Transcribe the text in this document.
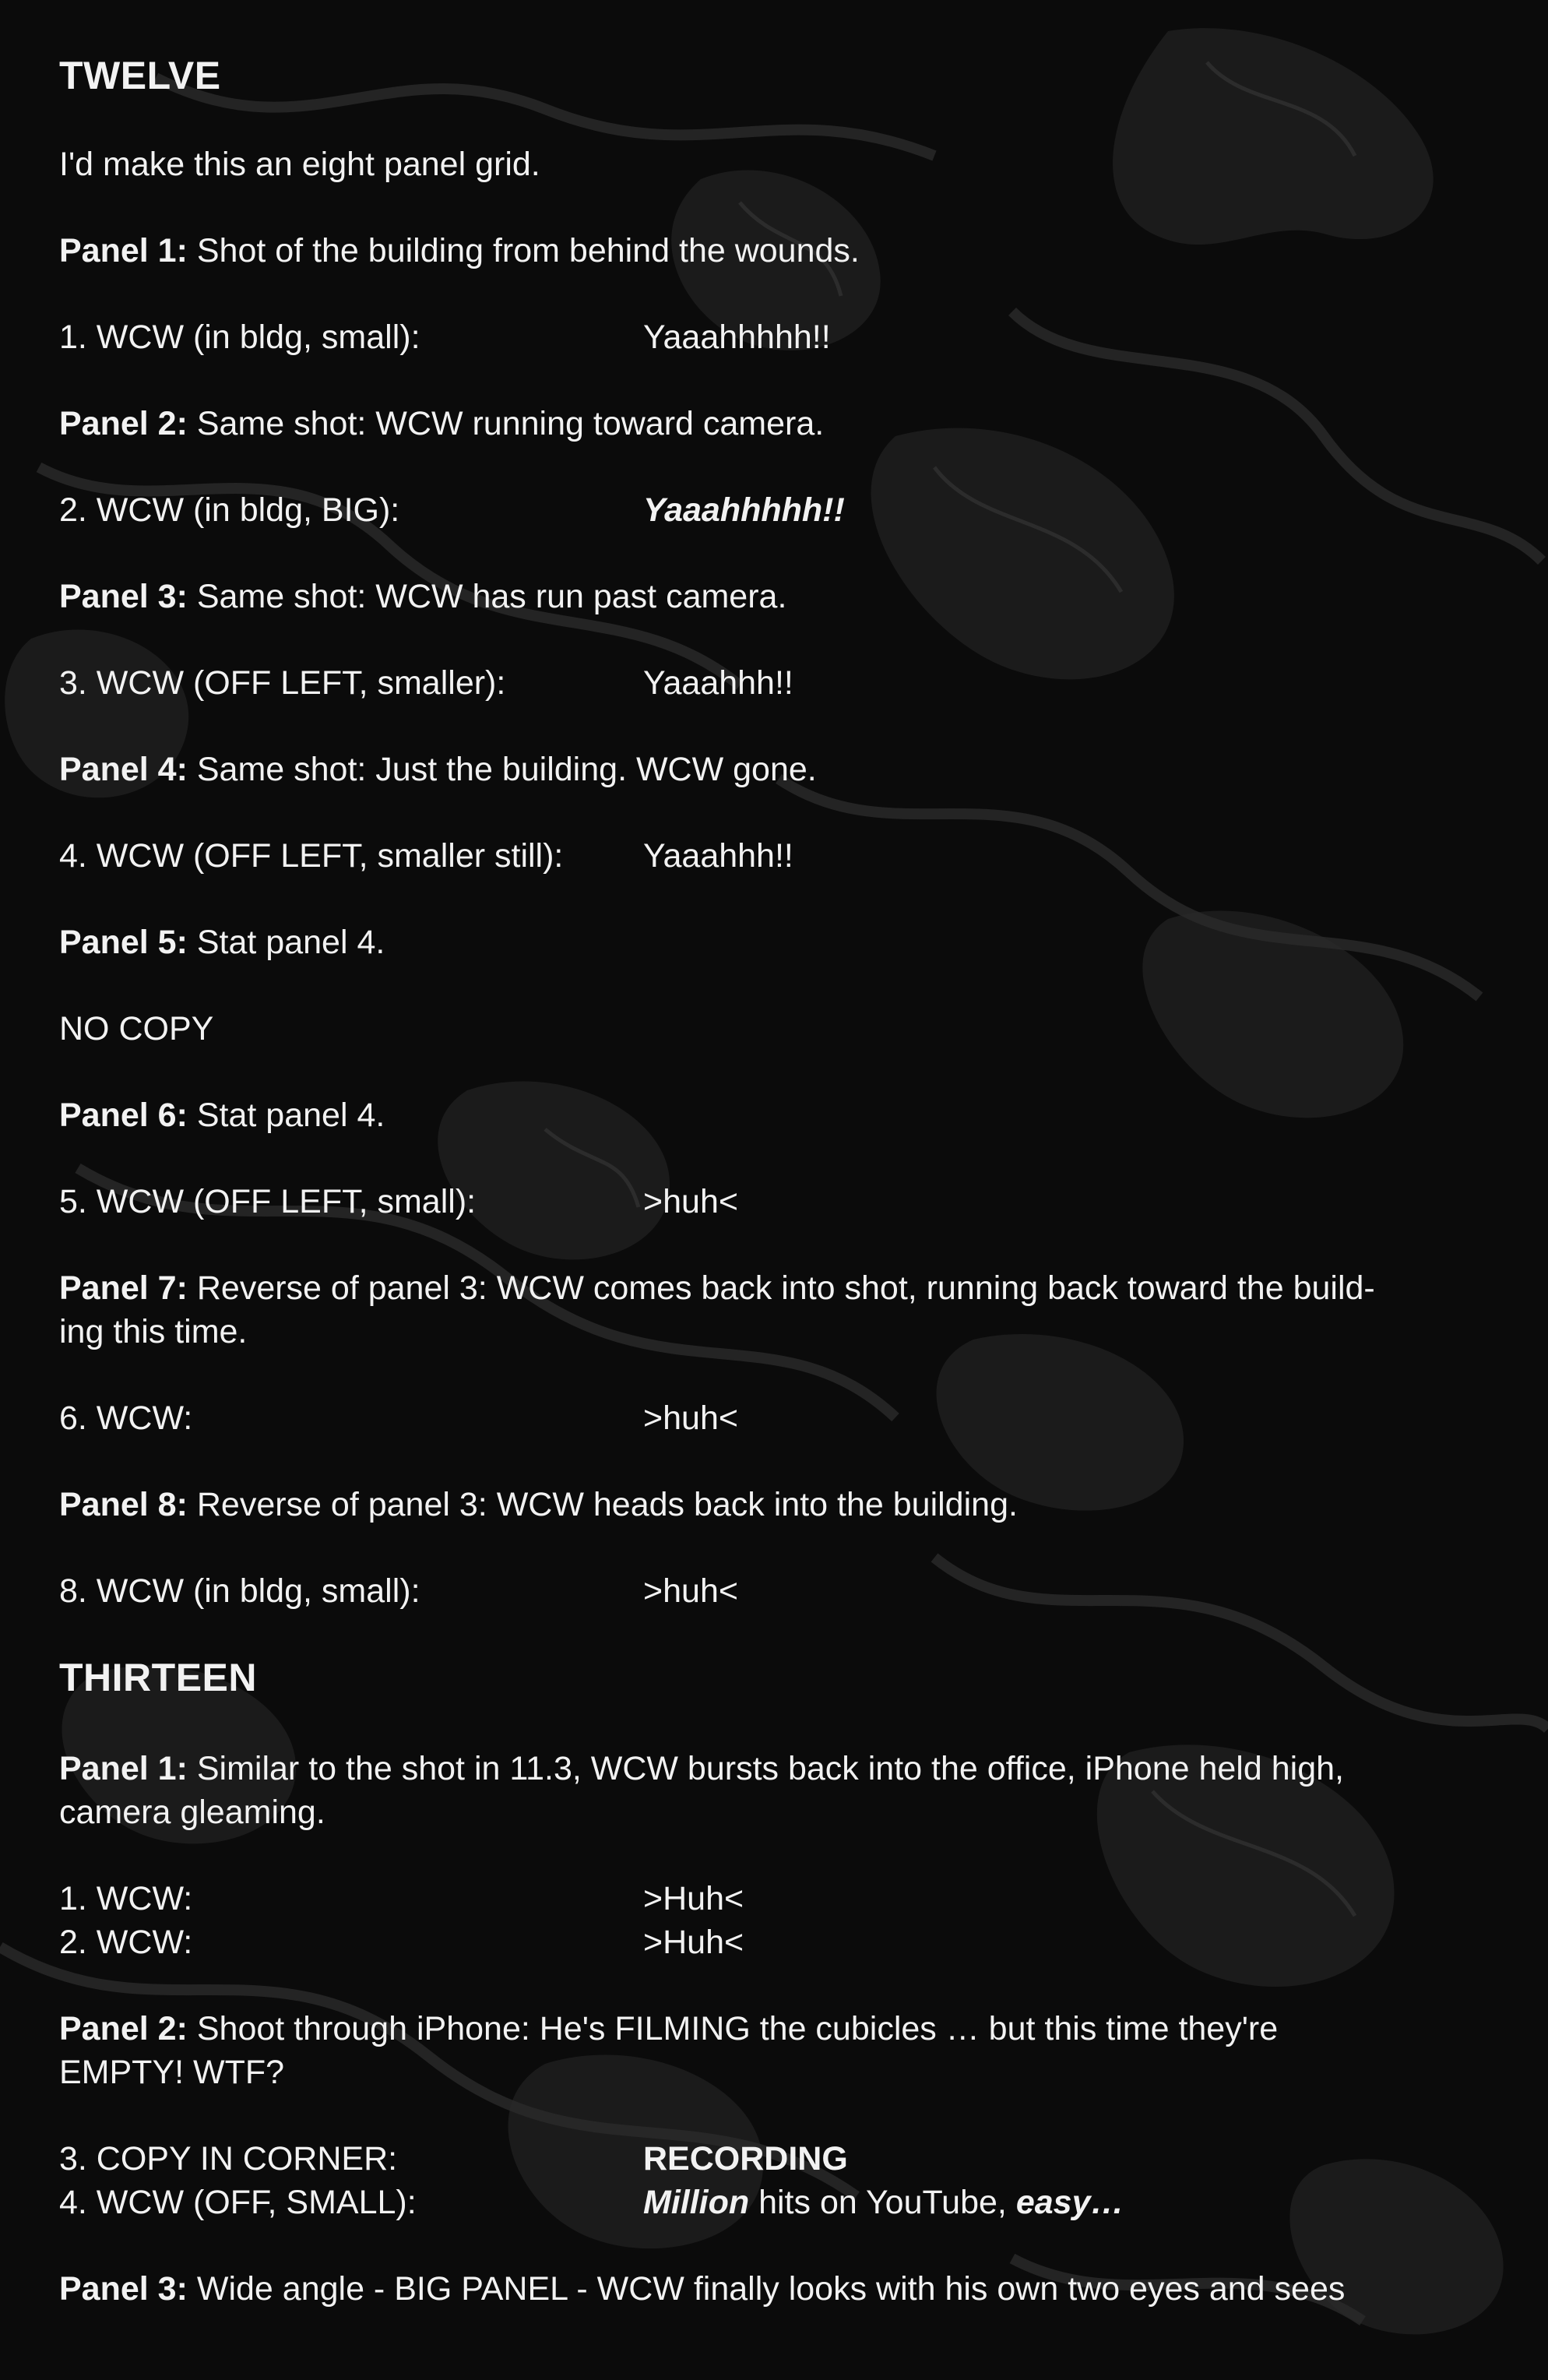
TWELVE
I'd make this an eight panel grid.
Panel 1: Shot of the building from behind the wounds.
1. WCW (in bldg, small):	Yaaahhhhh!!
Panel 2: Same shot: WCW running toward camera.
2. WCW (in bldg, BIG):	Yaaahhhhh!!
Panel 3: Same shot: WCW has run past camera.
3. WCW (OFF LEFT, smaller):	Yaaahhh!!
Panel 4: Same shot: Just the building. WCW gone.
4. WCW (OFF LEFT, smaller still): Yaaahhh!!
Panel 5: Stat panel 4.
NO COPY
Panel 6: Stat panel 4.
5. WCW (OFF LEFT, small):	>huh<
Panel 7: Reverse of panel 3: WCW comes back into shot, running back toward the build-
ing this time.
6. WCW:	>huh<
Panel 8: Reverse of panel 3: WCW heads back into the building.
8. WCW (in bldg, small):	>huh<
THIRTEEN
Panel 1: Similar to the shot in 11.3, WCW bursts back into the office, iPhone held high,
camera gleaming.
1. WCW:	>Huh<
2. WCW:	>Huh<
Panel 2: Shoot through iPhone: He's FILMING the cubicles … but this time they're
EMPTY! WTF?
3. COPY IN CORNER:	RECORDING
4. WCW (OFF, SMALL):	Million hits on YouTube, easy…
Panel 3: Wide angle - BIG PANEL - WCW finally looks with his own two eyes and sees
